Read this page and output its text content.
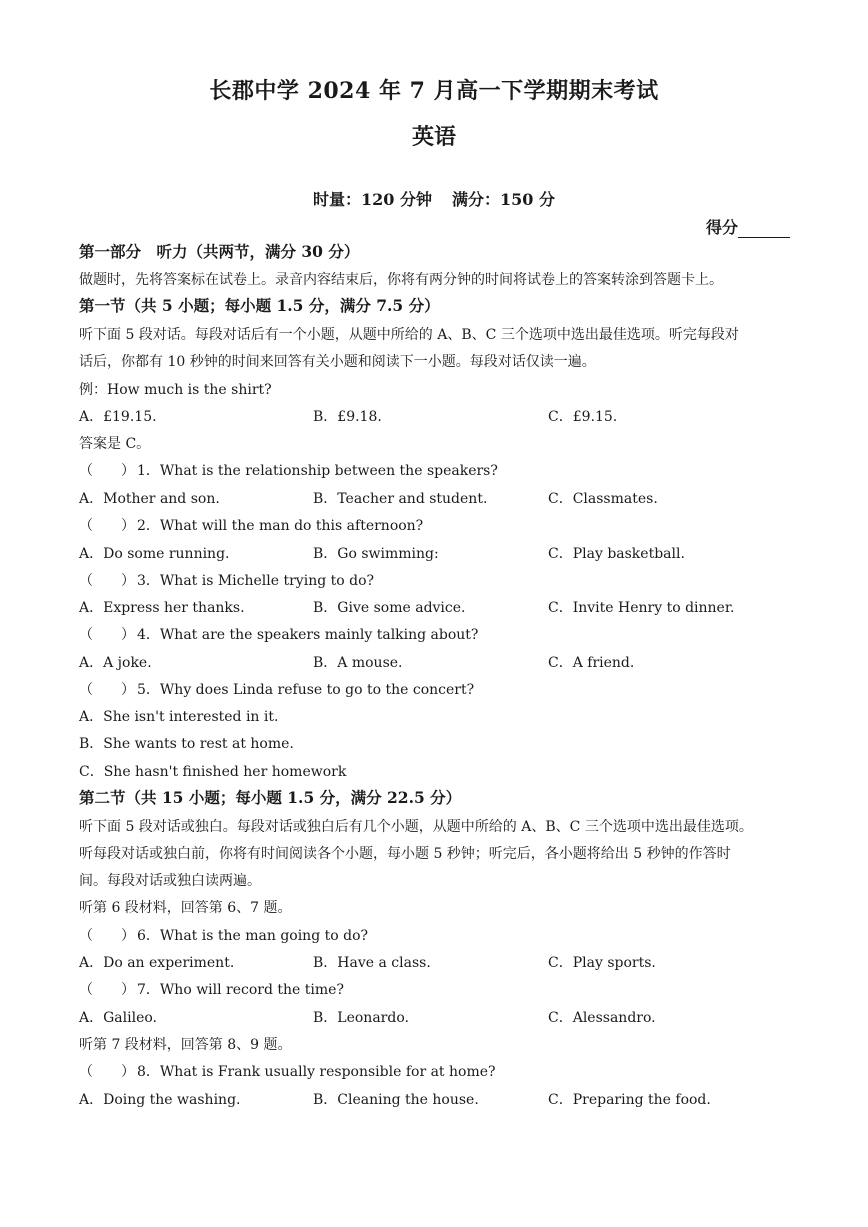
长郡中学 2024 年 7 月高一下学期期末考试
英语
时量：120 分钟 满分：150 分
得分
第一部分　听力（共两节，满分 30 分）
做题时，先将答案标在试卷上。录音内容结束后，你将有两分钟的时间将试卷上的答案转涂到答题卡上。
第一节（共 5 小题；每小题 1.5 分，满分 7.5 分）
听下面 5 段对话。每段对话后有一个小题，从题中所给的 A、B、C 三个选项中选出最佳选项。听完每段对
话后，你都有 10 秒钟的时间来回答有关小题和阅读下一小题。每段对话仅读一遍。
例：How much is the shirt?
A．£19.15.	B．£9.18.	C．£9.15.
答案是 C。
（　　） 1．What is the relationship between the speakers?
A．Mother and son.	B．Teacher and student.	C．Classmates.
（　　） 2．What will the man do this afternoon?
A．Do some running.	B．Go swimming:	C．Play basketball.
（　　） 3．What is Michelle trying to do?
A．Express her thanks.	B．Give some advice.	C．Invite Henry to dinner.
（　　） 4．What are the speakers mainly talking about?
A．A joke.	B．A mouse.	C．A friend.
（　　） 5．Why does Linda refuse to go to the concert?
A．She isn't interested in it.
B．She wants to rest at home.
C．She hasn't finished her homework
第二节（共 15 小题；每小题 1.5 分，满分 22.5 分）
听下面 5 段对话或独白。每段对话或独白后有几个小题，从题中所给的 A、B、C 三个选项中选出最佳选项。
听每段对话或独白前，你将有时间阅读各个小题，每小题 5 秒钟；听完后，各小题将给出 5 秒钟的作答时
间。每段对话或独白读两遍。
听第 6 段材料，回答第 6、7 题。
（　　） 6．What is the man going to do?
A．Do an experiment.	B．Have a class.	C．Play sports.
（　　） 7．Who will record the time?
A．Galileo.	B．Leonardo.	C．Alessandro.
听第 7 段材料，回答第 8、9 题。
（　　） 8．What is Frank usually responsible for at home?
A．Doing the washing.	B．Cleaning the house.	C．Preparing the food.
